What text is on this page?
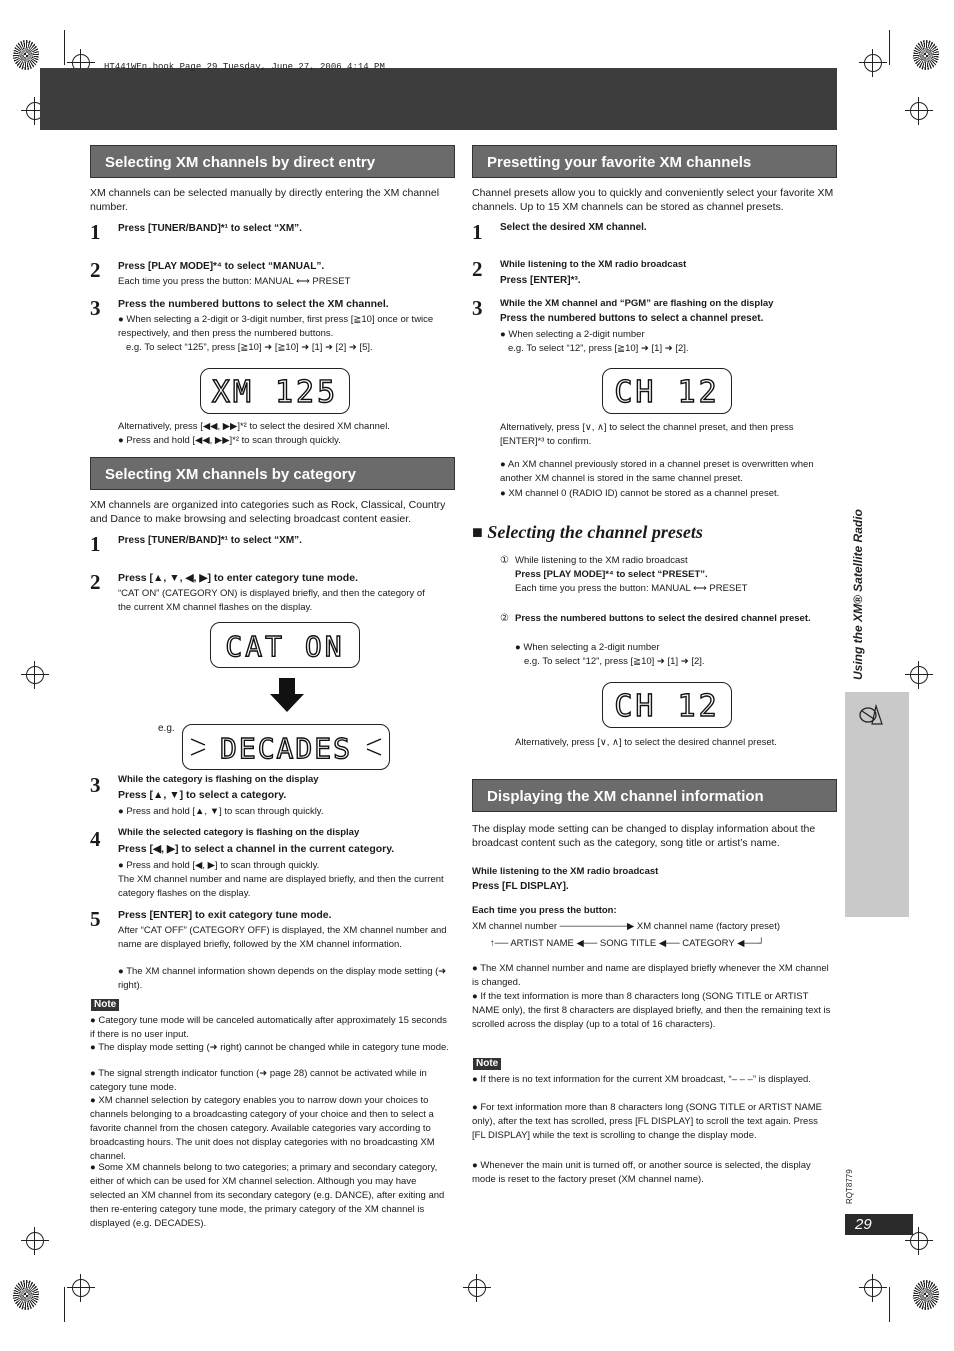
HT441WEn.book Page 29 Tuesday, June 27, 2006 4:14 PM
Selecting XM channels by direct entry
XM channels can be selected manually by directly entering the XM channel number.
1 Press [TUNER/BAND]*¹ to select “XM”.
2 Press [PLAY MODE]*⁴ to select “MANUAL”.
Each time you press the button: MANUAL ⟷ PRESET
3 Press the numbered buttons to select the XM channel.
● When selecting a 2-digit or 3-digit number, first press [≧10] once or twice respectively, and then press the numbered buttons.
e.g. To select “125”, press [≧10] ➜ [≧10] ➜ [1] ➜ [2] ➜ [5].
XM 125
Alternatively, press [◀◀, ▶▶]*² to select the desired XM channel.
● Press and hold [◀◀, ▶▶]*² to scan through quickly.
Selecting XM channels by category
XM channels are organized into categories such as Rock, Classical, Country and Dance to make browsing and selecting broadcast content easier.
1 Press [TUNER/BAND]*¹ to select “XM”.
2 Press [▲, ▼, ◀, ▶] to enter category tune mode.
“CAT ON” (CATEGORY ON) is displayed briefly, and then the category of the current XM channel flashes on the display.
CAT ON
e.g.
DECADES
3 While the category is flashing on the display
Press [▲, ▼] to select a category.
● Press and hold [▲, ▼] to scan through quickly.
4 While the selected category is flashing on the display
Press [◀, ▶] to select a channel in the current category.
● Press and hold [◀, ▶] to scan through quickly.
The XM channel number and name are displayed briefly, and then the current category flashes on the display.
5 Press [ENTER] to exit category tune mode.
After “CAT OFF” (CATEGORY OFF) is displayed, the XM channel number and name are displayed briefly, followed by the XM channel information.
● The XM channel information shown depends on the display mode setting (➜ right).
Note
● Category tune mode will be canceled automatically after approximately 15 seconds if there is no user input.
● The display mode setting (➜ right) cannot be changed while in category tune mode.
● The signal strength indicator function (➜ page 28) cannot be activated while in category tune mode.
● XM channel selection by category enables you to narrow down your choices to channels belonging to a broadcasting category of your choice and then to select a favorite channel from the chosen category. Available categories vary according to broadcasting hours. The unit does not display categories with no broadcasting XM channel.
● Some XM channels belong to two categories; a primary and secondary category, either of which can be used for XM channel selection. Although you may have selected an XM channel from its secondary category (e.g. DANCE), after exiting and then re-entering category tune mode, the primary category of the XM channel is displayed (e.g. DECADES).
Presetting your favorite XM channels
Channel presets allow you to quickly and conveniently select your favorite XM channels. Up to 15 XM channels can be stored as channel presets.
1 Select the desired XM channel.
2 While listening to the XM radio broadcast
Press [ENTER]*³.
3 While the XM channel and “PGM” are flashing on the display
Press the numbered buttons to select a channel preset.
● When selecting a 2-digit number
e.g. To select “12”, press [≧10] ➜ [1] ➜ [2].
CH 12
Alternatively, press [∨, ∧] to select the channel preset, and then press [ENTER]*³ to confirm.
● An XM channel previously stored in a channel preset is overwritten when another XM channel is stored in the same channel preset.
● XM channel 0 (RADIO ID) cannot be stored as a channel preset.
■ Selecting the channel presets
① While listening to the XM radio broadcast
Press [PLAY MODE]*⁴ to select “PRESET”.
Each time you press the button: MANUAL ⟷ PRESET
② Press the numbered buttons to select the desired channel preset.
● When selecting a 2-digit number
e.g. To select “12”, press [≧10] ➜ [1] ➜ [2].
CH 12
Alternatively, press [∨, ∧] to select the desired channel preset.
Displaying the XM channel information
The display mode setting can be changed to display information about the broadcast content such as the category, song title or artist’s name.
While listening to the XM radio broadcast
Press [FL DISPLAY].
Each time you press the button:
XM channel number ──────────▶ XM channel name (factory preset)
↑── ARTIST NAME ◀── SONG TITLE ◀── CATEGORY ◀──┘
● The XM channel number and name are displayed briefly whenever the XM channel is changed.
● If the text information is more than 8 characters long (SONG TITLE or ARTIST NAME only), the first 8 characters are displayed briefly, and then the remaining text is scrolled across the display (up to a total of 16 characters).
Note
● If there is no text information for the current XM broadcast, “– – –” is displayed.
● For text information more than 8 characters long (SONG TITLE or ARTIST NAME only), after the text has scrolled, press [FL DISPLAY] to scroll the text again. Press [FL DISPLAY] while the text is scrolling to change the display mode.
● Whenever the main unit is turned off, or another source is selected, the display mode is reset to the factory preset (XM channel name).
Using the XM® Satellite Radio
RQT8779
29
